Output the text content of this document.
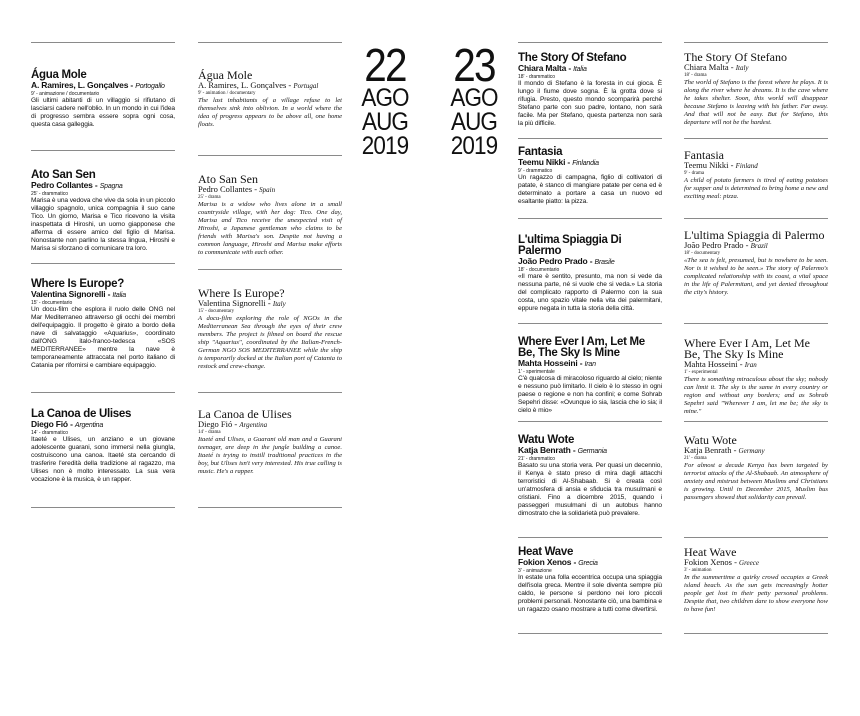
22
AGO
AUG
2019
23
AGO
AUG
2019
Água Mole
A. Ramires, L. Gonçalves - Portogallo
9' - animazione / documentario
Gli ultimi abitanti di un villaggio si rifiutano di lasciarsi cadere nell'oblio. In un mondo in cui l'idea di progresso sembra essere sopra ogni cosa, questa casa galleggia.
Ato San Sen
Pedro Collantes - Spagna
25' - drammatico
Marisa è una vedova che vive da sola in un piccolo villaggio spagnolo, unica compagnia il suo cane Tico. Un giorno, Marisa e Tico ricevono la visita inaspettata di Hiroshi, un uomo giapponese che afferma di essere amico del figlio di Marisa. Nonostante non parlino la stessa lingua, Hiroshi e Marisa si sforzano di comunicare tra loro.
Where Is Europe?
Valentina Signorelli - Italia
15' - documentario
Un docu-film che esplora il ruolo delle ONG nel Mar Mediterraneo attraverso gli occhi dei membri dell'equipaggio. Il progetto è girato a bordo della nave di salvataggio «Aquarius», coordinato dall'ONG italo-franco-tedesca «SOS MEDITERRANEE» mentre la nave è temporaneamente attraccata nel porto italiano di Catania per rifornirsi e cambiare equipaggio.
La Canoa de Ulises
Diego Fió - Argentina
14' - drammatico
Itaeté e Ulises, un anziano e un giovane adolescente guarani, sono immersi nella giungla, costruiscono una canoa. Itaeté sta cercando di trasferire l'eredità della tradizione al ragazzo, ma Ulises non è molto interessato. La sua vera vocazione è la musica, è un rapper.
Água Mole
A. Ramires, L. Gonçalves - Portugal
9' - animation / documentary
The last inhabitants of a village refuse to let themselves sink into oblivion. In a world where the idea of progress appears to be above all, one home floats.
Ato San Sen
Pedro Collantes - Spain
25' - drama
Marisa is a widow who lives alone in a small countryside village, with her dog: Tico. One day, Marisa and Tico receive the unexpected visit of Hiroshi, a Japanese gentleman who claims to be friends with Marisa's son. Despite not having a common language, Hiroshi and Marisa make efforts to communicate with each other.
Where Is Europe?
Valentina Signorelli - Italy
15' - documentary
A docu-film exploring the role of NGOs in the Mediterranean Sea through the eyes of their crew members. The project is filmed on board the rescue ship "Aquarius", coordinated by the Italian-French-German NGO SOS MEDITERRANEE while the ship is temporarily docked at the Italian port of Catania to restock and crew-change.
La Canoa de Ulises
Diego Fió - Argentina
14' - drama
Itaeté and Ulises, a Guarani old man and a Guarani teenager, are deep in the jungle building a canoe. Itaeté is trying to instill traditional practices in the boy, but Ulises isn't very interested. His true calling is music. He's a rapper.
The Story Of Stefano
Chiara Malta - Italia
18' - drammatico
Il mondo di Stefano è la foresta in cui gioca. È lungo il fiume dove sogna. È la grotta dove si rifugia. Presto, questo mondo scomparirà perché Stefano parte con suo padre, lontano, non sarà facile. Ma per Stefano, questa partenza non sarà la più difficile.
Fantasia
Teemu Nikki - Finlandia
9' - drammatico
Un ragazzo di campagna, figlio di coltivatori di patate, è stanco di mangiare patate per cena ed è determinato a portare a casa un nuovo ed esaltante piatto: la pizza.
L'ultima Spiaggia Di Palermo
João Pedro Prado - Brasile
18' - documentario
«Il mare è sentito, presunto, ma non si vede da nessuna parte, né si vuole che si veda.» La storia del complicato rapporto di Palermo con la sua costa, uno spazio vitale nella vita dei palermitani, eppure negata in tutta la storia della città.
Where Ever I Am, Let Me Be, The Sky Is Mine
Mahta Hosseini - Iran
1' - sperimentale
C'è qualcosa di miracoloso riguardo al cielo; niente e nessuno può limitarlo. Il cielo è lo stesso in ogni paese o regione e non ha confini; e come Sohrab Sepehri disse: «Ovunque io sia, lascia che io sia; il cielo è mio»
Watu Wote
Katja Benrath - Germania
21' - drammatico
Basato su una storia vera. Per quasi un decennio, il Kenya è stato preso di mira dagli attacchi terroristici di Al-Shabaab. Si è creata così un'atmosfera di ansia e sfiducia tra musulmani e cristiani. Fino a dicembre 2015, quando i passeggeri musulmani di un autobus hanno dimostrato che la solidarietà può prevalere.
Heat Wave
Fokion Xenos - Grecia
3' - animazione
In estate una folla eccentrica occupa una spiaggia dell'isola greca. Mentre il sole diventa sempre più caldo, le persone si perdono nei loro piccoli problemi personali. Nonostante ciò, una bambina e un ragazzo osano mostrare a tutti come divertirsi.
The Story Of Stefano
Chiara Malta - Italy
18' - drama
The world of Stefano is the forest where he plays. It is along the river where he dreams. It is the cave where he takes shelter. Soon, this world will disappear because Stefano is leaving with his father. Far away. And that will not be easy. But for Stefano, this departure will not be the hardest.
Fantasia
Teemu Nikki - Finland
9' - drama
A child of potato farmers is tired of eating potatoes for supper and is determined to bring home a new and exciting meal: pizza.
L'ultima Spiaggia di Palermo
João Pedro Prado - Brazil
18' - documentary
«The sea is felt, presumed, but is nowhere to be seen. Nor is it wished to be seen.» The story of Palermo's complicated relationship with its coast, a vital space in the life of Palermitani, and yet denied throughout the city's history.
Where Ever I Am, Let Me Be, The Sky Is Mine
Mahta Hosseini - Iran
1' - experimental
There is something miraculous about the sky; nobody can limit it. The sky is the same in every country or region and without any borders; and as Sohrab Sepehri said "Wherever I am, let me be; the sky is mine."
Watu Wote
Katja Benrath - Germany
21' - drama
For almost a decade Kenya has been targeted by terrorist attacks of the Al-Shabaab. An atmosphere of anxiety and mistrust between Muslims and Christians is growing. Until in December 2015, Muslim bus passengers showed that solidarity can prevail.
Heat Wave
Fokion Xenos - Greece
3' - animation
In the summertime a quirky crowd occupies a Greek island beach. As the sun gets increasingly hotter people get lost in their petty personal problems. Despite that, two children dare to show everyone how to have fun!
